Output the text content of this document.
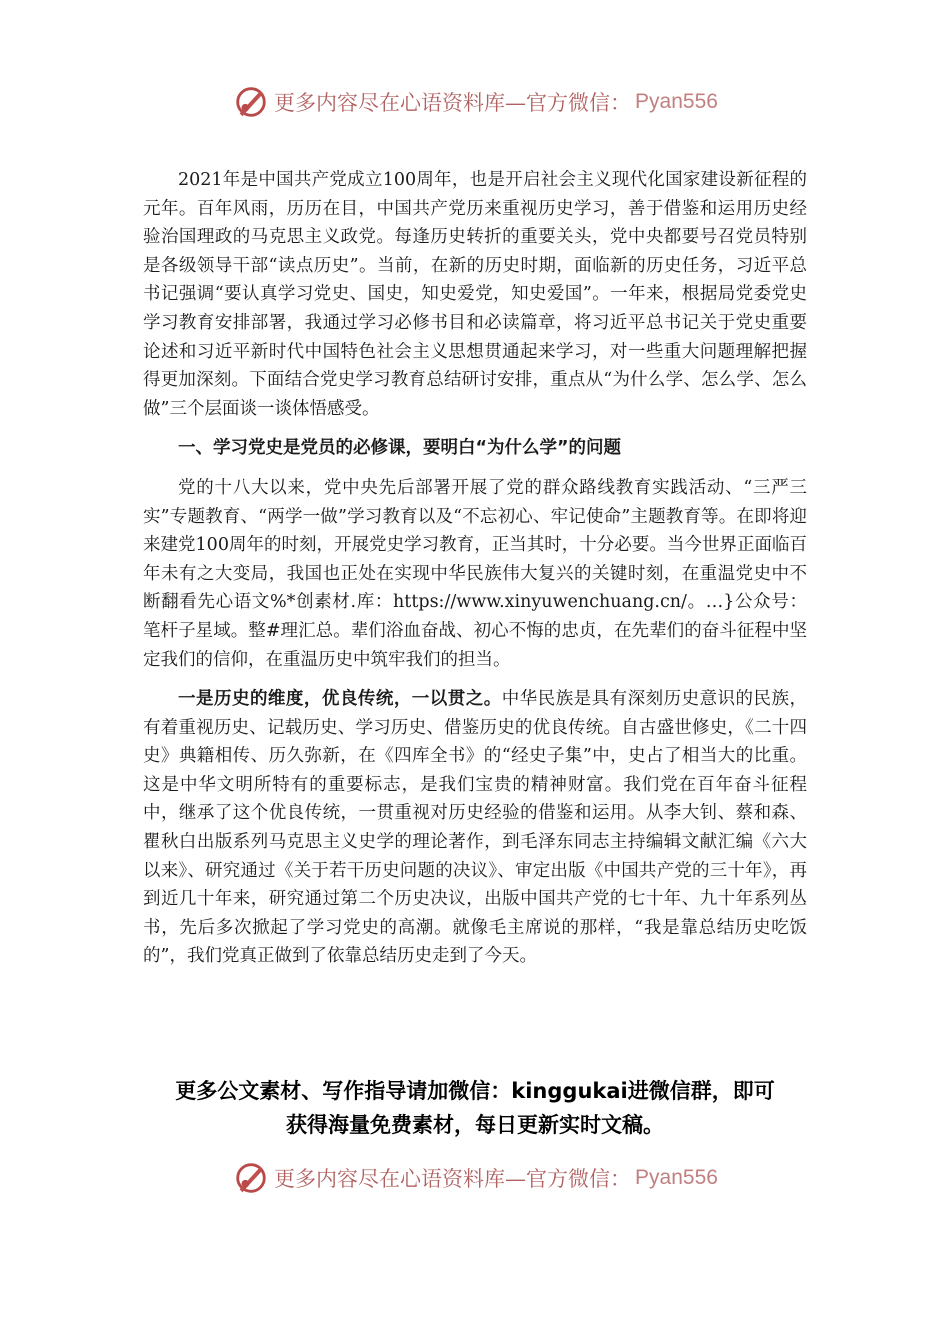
更多内容尽在心语资料库—官方微信： Pyan556

2021年是中国共产党成立100周年，也是开启社会主义现代化国家建设新征程的元年。百年风雨，历历在目，中国共产党历来重视历史学习，善于借鉴和运用历史经验治国理政的马克思主义政党。每逢历史转折的重要关头，党中央都要号召党员特别是各级领导干部“读点历史”。当前，在新的历史时期，面临新的历史任务，习近平总书记强调“要认真学习党史、国史，知史爱党，知史爱国”。一年来，根据局党委党史学习教育安排部署，我通过学习必修书目和必读篇章，将习近平总书记关于党史重要论述和习近平新时代中国特色社会主义思想贯通起来学习，对一些重大问题理解把握得更加深刻。下面结合党史学习教育总结研讨安排，重点从“为什么学、怎么学、怎么做”三个层面谈一谈体悟感受。

一、学习党史是党员的必修课，要明白“为什么学”的问题

党的十八大以来，党中央先后部署开展了党的群众路线教育实践活动、“三严三实”专题教育、“两学一做”学习教育以及“不忘初心、牢记使命”主题教育等。在即将迎来建党100周年的时刻，开展党史学习教育，正当其时，十分必要。当今世界正面临百年未有之大变局，我国也正处在实现中华民族伟大复兴的关键时刻，在重温党史中不断翻看先心语文%*创素材.库：https://www.xinyuwenchuang.cn/。…}公众号：笔杆子星域。整#理汇总。辈们浴血奋战、初心不悔的忠贞，在先辈们的奋斗征程中坚定我们的信仰，在重温历史中筑牢我们的担当。

一是历史的维度，优良传统，一以贯之。中华民族是具有深刻历史意识的民族，有着重视历史、记载历史、学习历史、借鉴历史的优良传统。自古盛世修史，《二十四史》典籍相传、历久弥新，在《四库全书》的“经史子集”中，史占了相当大的比重。这是中华文明所特有的重要标志，是我们宝贵的精神财富。我们党在百年奋斗征程中，继承了这个优良传统，一贯重视对历史经验的借鉴和运用。从李大钊、蔡和森、瞿秋白出版系列马克思主义史学的理论著作，到毛泽东同志主持编辑文献汇编《六大以来》、研究通过《关于若干历史问题的决议》、审定出版《中国共产党的三十年》，再到近几十年来，研究通过第二个历史决议，出版中国共产党的七十年、九十年系列丛书，先后多次掀起了学习党史的高潮。就像毛主席说的那样，“我是靠总结历史吃饭的”，我们党真正做到了依靠总结历史走到了今天。

更多公文素材、写作指导请加微信：kinggukai进微信群，即可
获得海量免费素材，每日更新实时文稿。
更多内容尽在心语资料库—官方微信： Pyan556
